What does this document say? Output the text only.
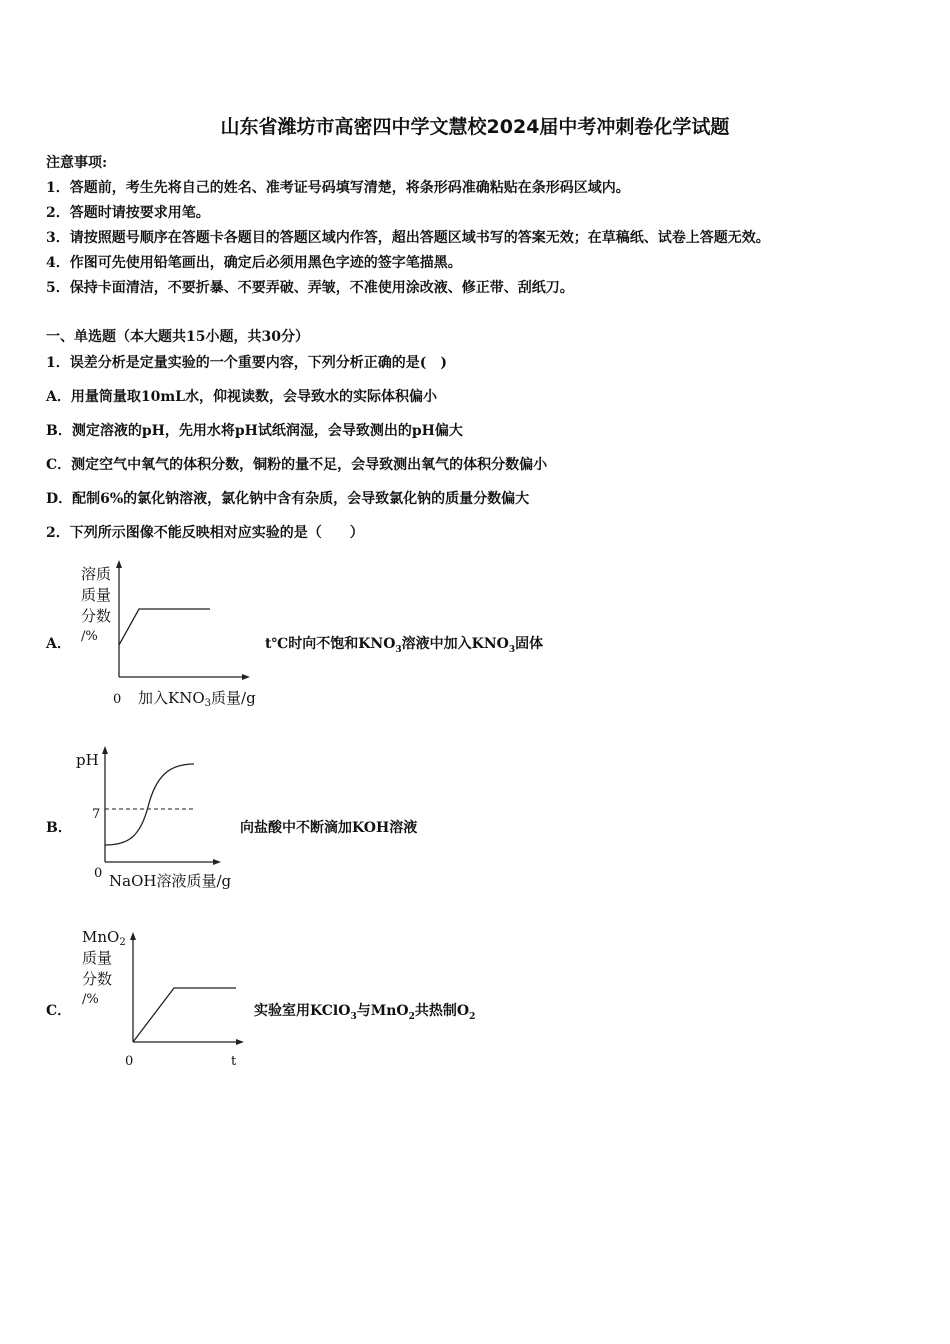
山东省潍坊市高密四中学文慧校2024届中考冲刺卷化学试题
注意事项:
1．答题前，考生先将自己的姓名、准考证号码填写清楚，将条形码准确粘贴在条形码区域内。
2．答题时请按要求用笔。
3．请按照题号顺序在答题卡各题目的答题区域内作答，超出答题区域书写的答案无效；在草稿纸、试卷上答题无效。
4．作图可先使用铅笔画出，确定后必须用黑色字迹的签字笔描黑。
5．保持卡面清洁，不要折暴、不要弄破、弄皱，不准使用涂改液、修正带、刮纸刀。
一、单选题（本大题共15小题，共30分）
1．误差分析是定量实验的一个重要内容，下列分析正确的是(　)
A．用量筒量取10mL水，仰视读数，会导致水的实际体积偏小
B．测定溶液的pH，先用水将pH试纸润湿，会导致测出的pH偏大
C．测定空气中氧气的体积分数，铜粉的量不足，会导致测出氧气的体积分数偏小
D．配制6%的氯化钠溶液，氯化钠中含有杂质，会导致氯化钠的质量分数偏大
2．下列所示图像不能反映相对应实验的是（　　）
A．
溶质
质量
分数
/%
0 加入$KNO_3$质量/g
t℃时向不饱和$KNO_3$溶液中加入$KNO_3$固体
B．
pH
7
0 NaOH溶液质量/g
向盐酸中不断滴加KOH溶液
C．
MnO$_2$
质量
分数
/%
0	t
实验室用KClO$_3$与MnO$_2$共热制$O_2$
